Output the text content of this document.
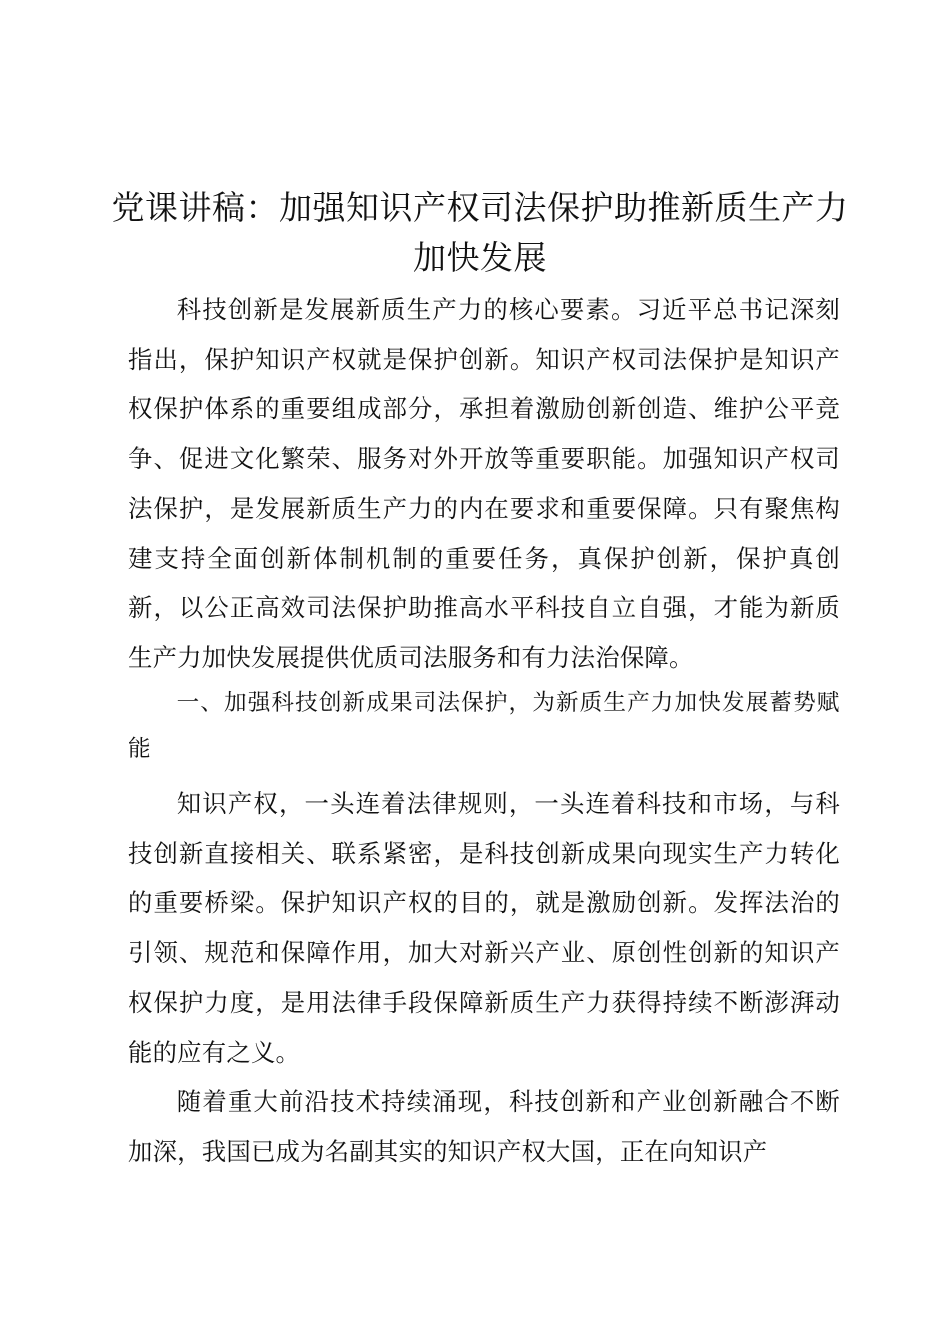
党课讲稿：加强知识产权司法保护助推新质生产力加快发展

科技创新是发展新质生产力的核心要素。习近平总书记深刻指出，保护知识产权就是保护创新。知识产权司法保护是知识产权保护体系的重要组成部分，承担着激励创新创造、维护公平竞争、促进文化繁荣、服务对外开放等重要职能。加强知识产权司法保护，是发展新质生产力的内在要求和重要保障。只有聚焦构建支持全面创新体制机制的重要任务，真保护创新，保护真创新，以公正高效司法保护助推高水平科技自立自强，才能为新质生产力加快发展提供优质司法服务和有力法治保障。

一、加强科技创新成果司法保护，为新质生产力加快发展蓄势赋能

知识产权，一头连着法律规则，一头连着科技和市场，与科技创新直接相关、联系紧密，是科技创新成果向现实生产力转化的重要桥梁。保护知识产权的目的，就是激励创新。发挥法治的引领、规范和保障作用，加大对新兴产业、原创性创新的知识产权保护力度，是用法律手段保障新质生产力获得持续不断澎湃动能的应有之义。

随着重大前沿技术持续涌现，科技创新和产业创新融合不断加深，我国已成为名副其实的知识产权大国，正在向知识产
